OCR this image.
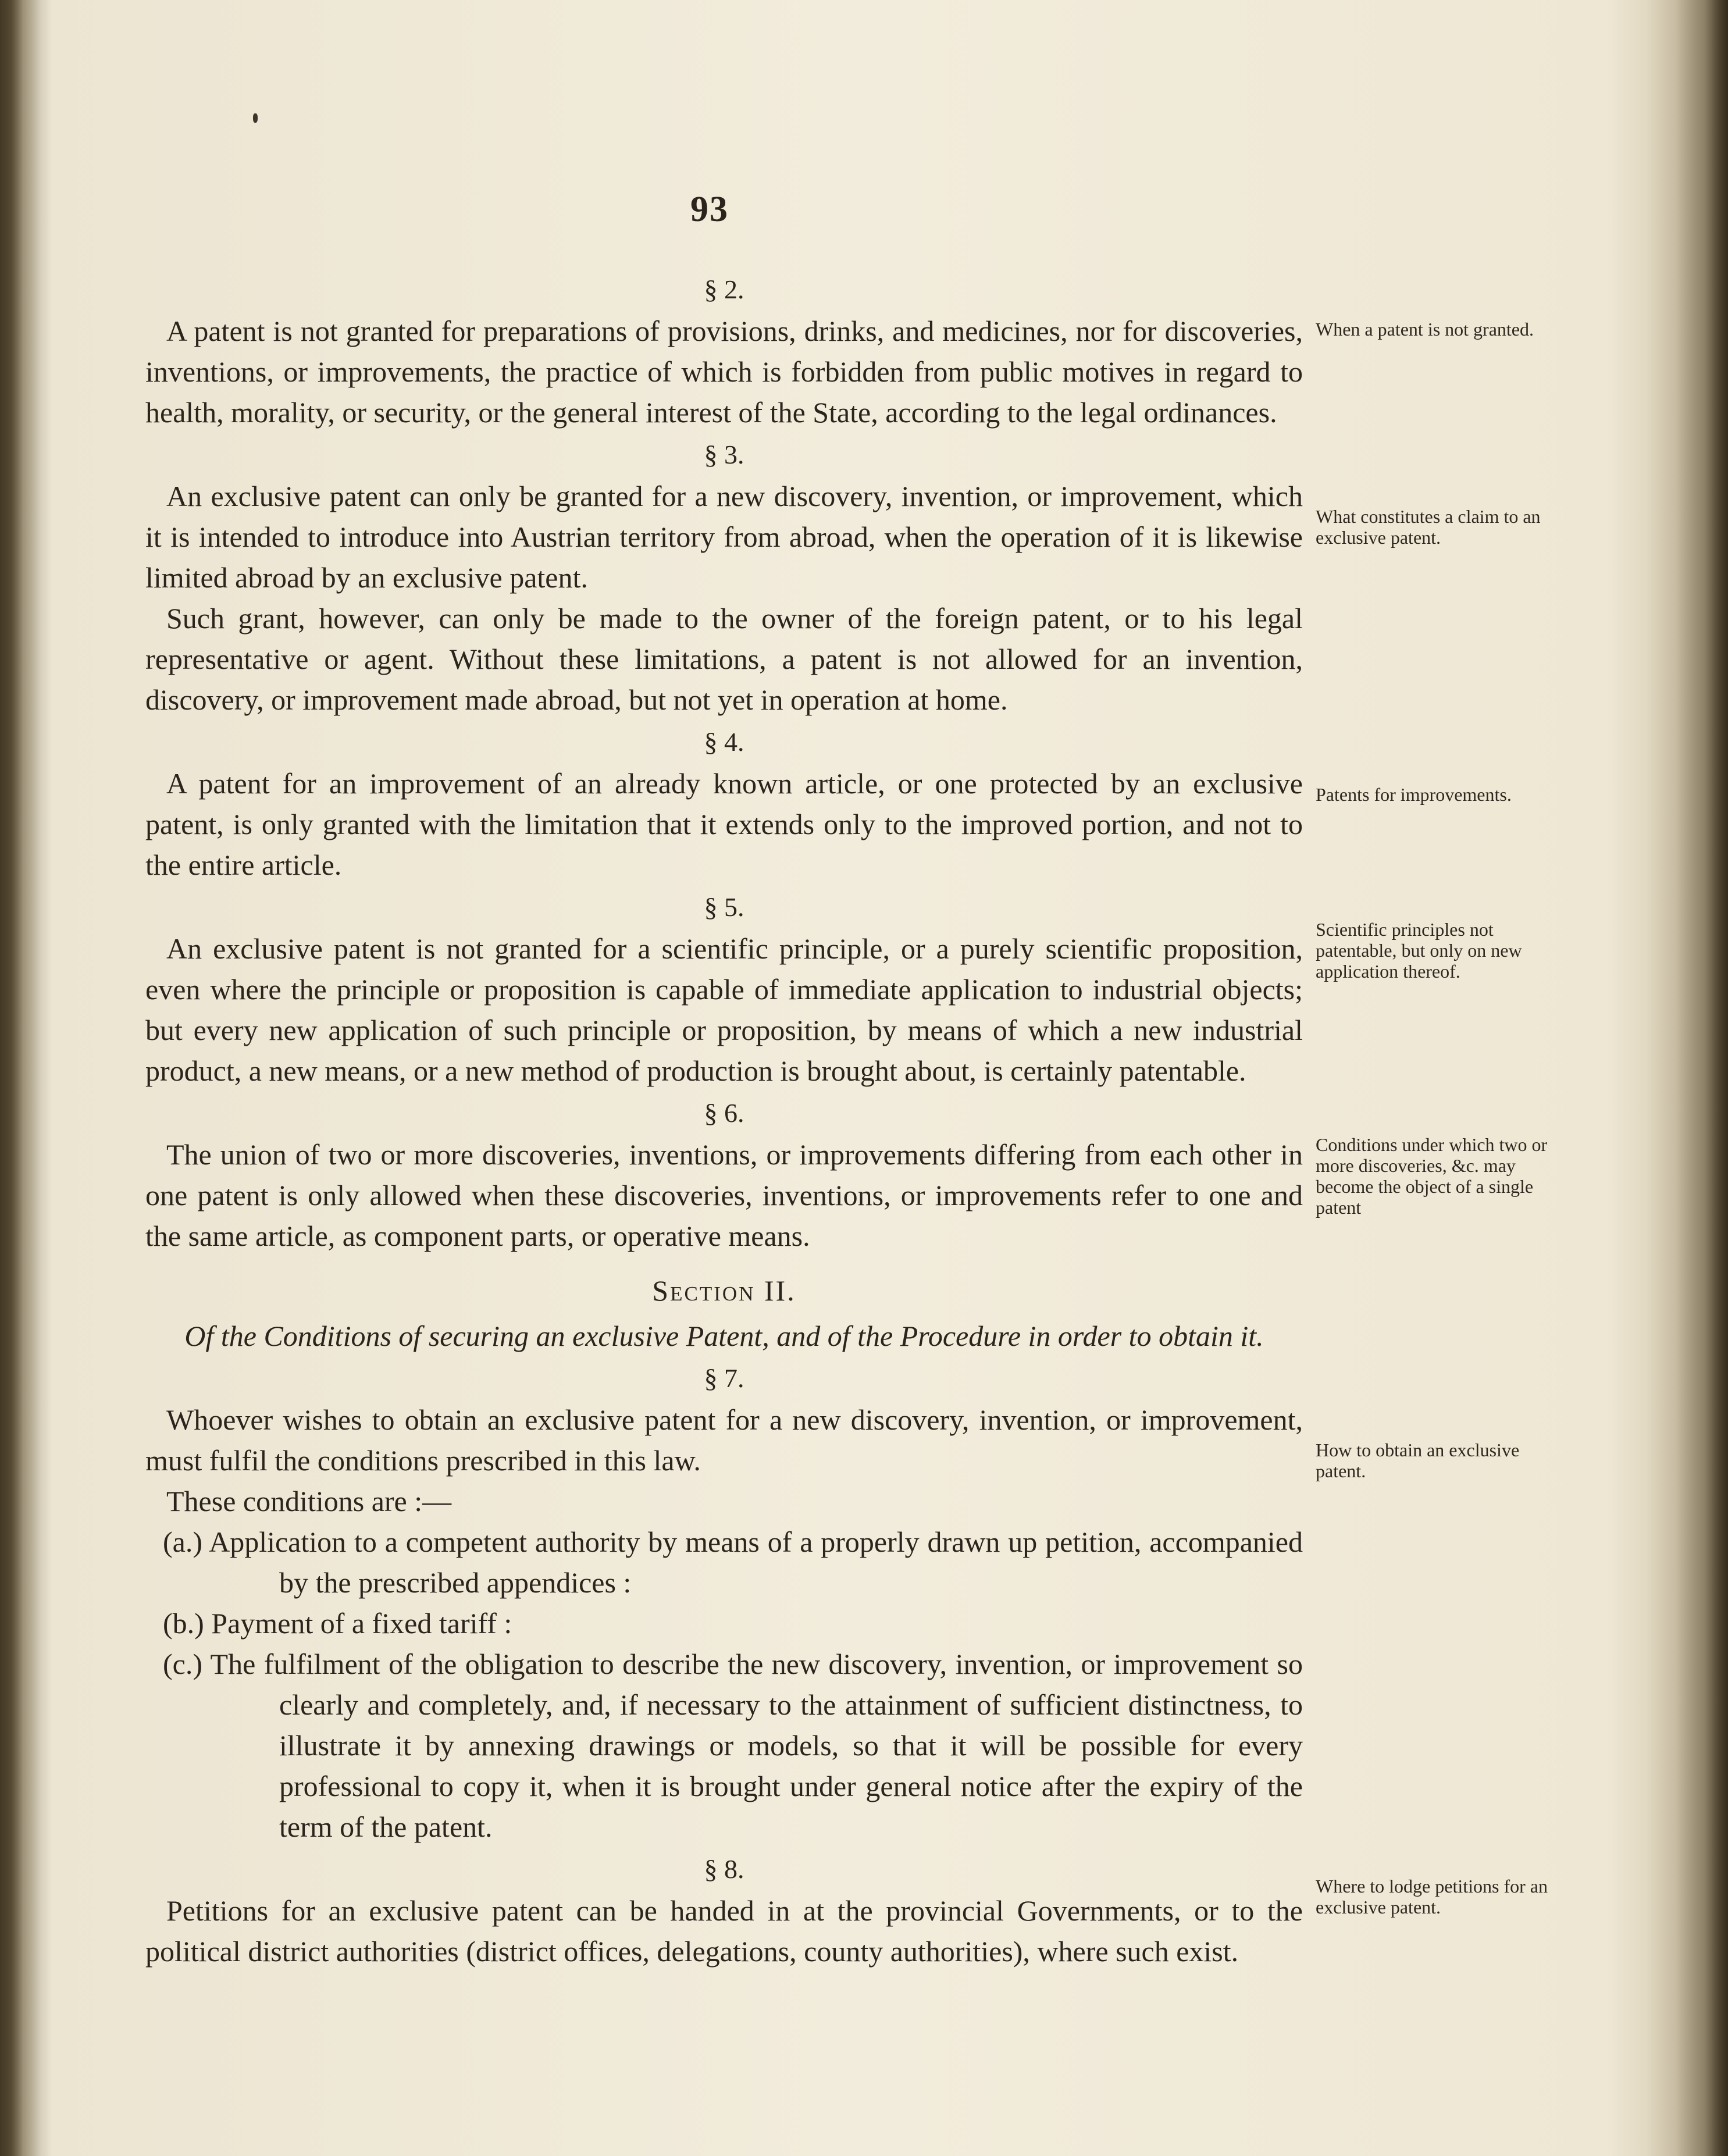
93
§ 2.

A patent is not granted for preparations of provisions, drinks, and medicines, nor for discoveries, inventions, or improvements, the practice of which is forbidden from public motives in regard to health, morality, or security, or the general interest of the State, according to the legal ordinances.

§ 3.

An exclusive patent can only be granted for a new discovery, invention, or improvement, which it is intended to introduce into Austrian territory from abroad, when the operation of it is likewise limited abroad by an exclusive patent.

Such grant, however, can only be made to the owner of the foreign patent, or to his legal representative or agent. Without these limitations, a patent is not allowed for an invention, discovery, or improvement made abroad, but not yet in operation at home.

§ 4.

A patent for an improvement of an already known article, or one protected by an exclusive patent, is only granted with the limitation that it extends only to the improved portion, and not to the entire article.

§ 5.

An exclusive patent is not granted for a scientific principle, or a purely scientific proposition, even where the principle or proposition is capable of immediate application to industrial objects; but every new application of such principle or proposition, by means of which a new industrial product, a new means, or a new method of production is brought about, is certainly patentable.

§ 6.

The union of two or more discoveries, inventions, or improvements differing from each other in one patent is only allowed when these discoveries, inventions, or improvements refer to one and the same article, as component parts, or operative means.

Section II.
Of the Conditions of securing an exclusive Patent, and of the Procedure in order to obtain it.
§ 7.

Whoever wishes to obtain an exclusive patent for a new discovery, invention, or improvement, must fulfil the conditions prescribed in this law.

These conditions are :—

(a.) Application to a competent authority by means of a properly drawn up petition, accompanied by the prescribed appendices :

(b.) Payment of a fixed tariff :

(c.) The fulfilment of the obligation to describe the new discovery, invention, or improvement so clearly and completely, and, if necessary to the attainment of sufficient distinctness, to illustrate it by annexing drawings or models, so that it will be possible for every professional to copy it, when it is brought under general notice after the expiry of the term of the patent.

§ 8.

Petitions for an exclusive patent can be handed in at the provincial Governments, or to the political district authorities (district offices, delegations, county authorities), where such exist.

When a patent is not granted.
What constitutes a claim to an exclusive patent.
Patents for improvements.
Scientific principles not patentable, but only on new application thereof.
Conditions under which two or more discoveries, &c. may become the object of a single patent
How to obtain an exclusive patent.
Where to lodge petitions for an exclusive patent.
